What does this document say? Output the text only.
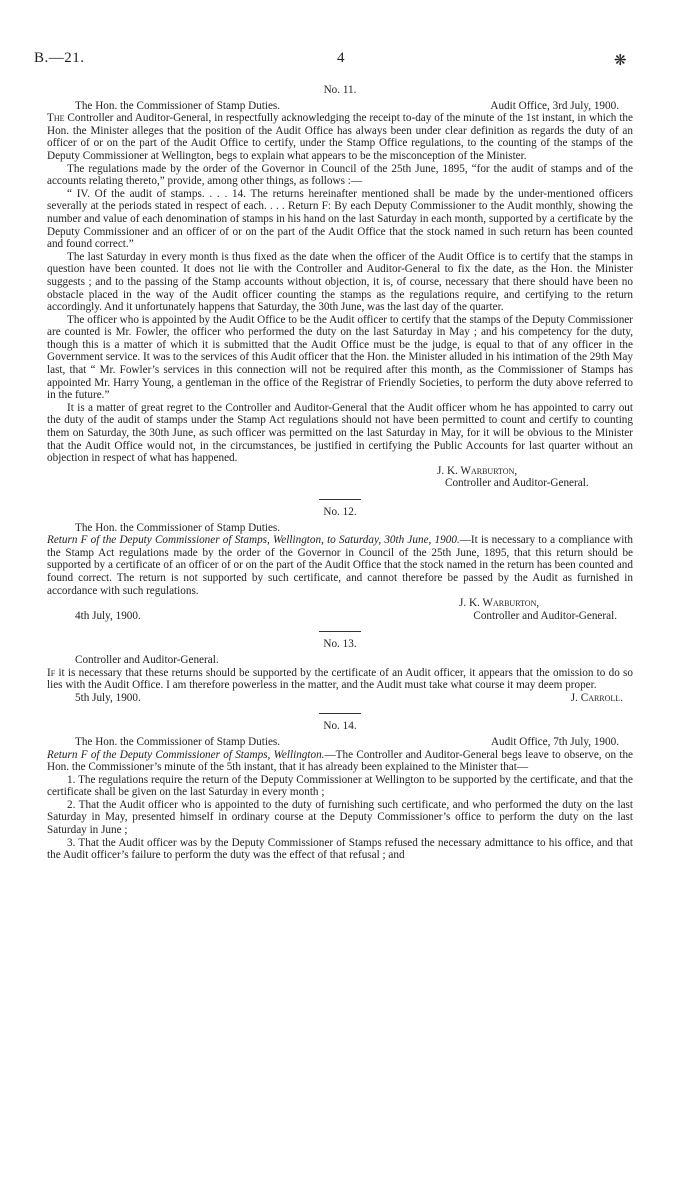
B.—21.	4	❋

No. 11.

The Hon. the Commissioner of Stamp Duties.	Audit Office, 3rd July, 1900.

The Controller and Auditor-General, in respectfully acknowledging the receipt to-day of the minute of the 1st instant, in which the Hon. the Minister alleges that the position of the Audit Office has always been under clear definition as regards the duty of an officer of or on the part of the Audit Office to certify, under the Stamp Office regulations, to the counting of the stamps of the Deputy Commissioner at Wellington, begs to explain what appears to be the misconception of the Minister.

The regulations made by the order of the Governor in Council of the 25th June, 1895, “for the audit of stamps and of the accounts relating thereto,” provide, among other things, as follows :—

“ IV. Of the audit of stamps. . . . 14. The returns hereinafter mentioned shall be made by the under-mentioned officers severally at the periods stated in respect of each. . . . Return F: By each Deputy Commissioner to the Audit monthly, showing the number and value of each denomination of stamps in his hand on the last Saturday in each month, supported by a certificate by the Deputy Commissioner and an officer of or on the part of the Audit Office that the stock named in such return has been counted and found correct.”

The last Saturday in every month is thus fixed as the date when the officer of the Audit Office is to certify that the stamps in question have been counted. It does not lie with the Controller and Auditor-General to fix the date, as the Hon. the Minister suggests ; and to the passing of the Stamp accounts without objection, it is, of course, necessary that there should have been no obstacle placed in the way of the Audit officer counting the stamps as the regulations require, and certifying to the return accordingly. And it unfortunately happens that Saturday, the 30th June, was the last day of the quarter.

The officer who is appointed by the Audit Office to be the Audit officer to certify that the stamps of the Deputy Commissioner are counted is Mr. Fowler, the officer who performed the duty on the last Saturday in May ; and his competency for the duty, though this is a matter of which it is submitted that the Audit Office must be the judge, is equal to that of any officer in the Government service. It was to the services of this Audit officer that the Hon. the Minister alluded in his intimation of the 29th May last, that “ Mr. Fowler’s services in this connection will not be required after this month, as the Commissioner of Stamps has appointed Mr. Harry Young, a gentleman in the office of the Registrar of Friendly Societies, to perform the duty above referred to in the future.”

It is a matter of great regret to the Controller and Auditor-General that the Audit officer whom he has appointed to carry out the duty of the audit of stamps under the Stamp Act regulations should not have been permitted to count and certify to counting them on Saturday, the 30th June, as such officer was permitted on the last Saturday in May, for it will be obvious to the Minister that the Audit Office would not, in the circumstances, be justified in certifying the Public Accounts for last quarter without an objection in respect of what has happened.

J. K. Warburton,

Controller and Auditor-General.

No. 12.

The Hon. the Commissioner of Stamp Duties.

Return F of the Deputy Commissioner of Stamps, Wellington, to Saturday, 30th June, 1900.—It is necessary to a compliance with the Stamp Act regulations made by the order of the Governor in Council of the 25th June, 1895, that this return should be supported by a certificate of an officer of or on the part of the Audit Office that the stock named in the return has been counted and found correct. The return is not supported by such certificate, and cannot therefore be passed by the Audit as furnished in accordance with such regulations.

J. K. Warburton,

4th July, 1900.	Controller and Auditor-General.

No. 13.

Controller and Auditor-General.

If it is necessary that these returns should be supported by the certificate of an Audit officer, it appears that the omission to do so lies with the Audit Office. I am therefore powerless in the matter, and the Audit must take what course it may deem proper.

5th July, 1900.	J. Carroll.

No. 14.

The Hon. the Commissioner of Stamp Duties.	Audit Office, 7th July, 1900.

Return F of the Deputy Commissioner of Stamps, Wellington.—The Controller and Auditor-General begs leave to observe, on the Hon. the Commissioner’s minute of the 5th instant, that it has already been explained to the Minister that—

1. The regulations require the return of the Deputy Commissioner at Wellington to be supported by the certificate, and that the certificate shall be given on the last Saturday in every month ;

2. That the Audit officer who is appointed to the duty of furnishing such certificate, and who performed the duty on the last Saturday in May, presented himself in ordinary course at the Deputy Commissioner’s office to perform the duty on the last Saturday in June ;

3. That the Audit officer was by the Deputy Commissioner of Stamps refused the necessary admittance to his office, and that the Audit officer’s failure to perform the duty was the effect of that refusal ; and
